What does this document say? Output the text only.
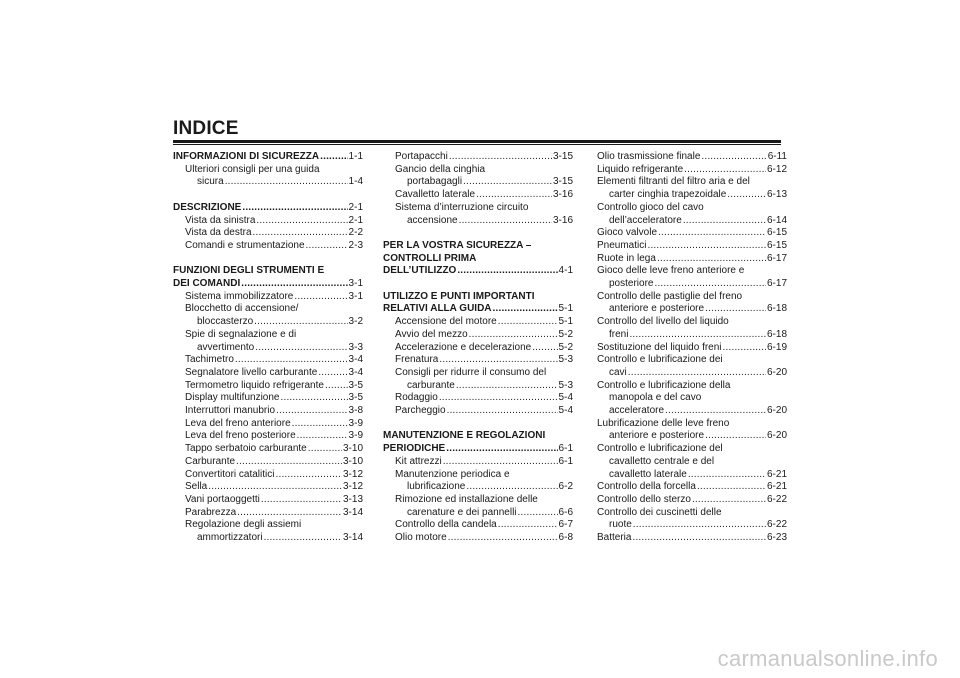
INDICE
INFORMAZIONI DI SICUREZZA .....	1-1
Ulteriori consigli per una guida
sicura .....	1-4
DESCRIZIONE .....	2-1
Vista da sinistra .....	2-1
Vista da destra .....	2-2
Comandi e strumentazione .....	2-3
FUNZIONI DEGLI STRUMENTI E
DEI COMANDI .....	3-1
Sistema immobilizzatore .....	3-1
Blocchetto di accensione/
bloccasterzo .....	3-2
Spie di segnalazione e di
avvertimento .....	3-3
Tachimetro .....	3-4
Segnalatore livello carburante .....	3-4
Termometro liquido refrigerante ..... 3-5
Display multifunzione .....	3-5
Interruttori manubrio .....	3-8
Leva del freno anteriore .....	3-9
Leva del freno posteriore .....	3-9
Tappo serbatoio carburante .....	3-10
Carburante .....	3-10
Convertitori catalitici .....	3-12
Sella .....	3-12
Vani portaoggetti .....	3-13
Parabrezza .....	3-14
Regolazione degli assiemi
ammortizzatori .....	3-14
Portapacchi .....	3-15
Gancio della cinghia
portabagagli .....	3-15
Cavalletto laterale .....	3-16
Sistema d’interruzione circuito
accensione .....	3-16
PER LA VOSTRA SICUREZZA –
CONTROLLI PRIMA
DELL’UTILIZZO .....	4-1
UTILIZZO E PUNTI IMPORTANTI
RELATIVI ALLA GUIDA .....	5-1
Accensione del motore .....	5-1
Avvio del mezzo .....	5-2
Accelerazione e decelerazione .....	5-2
Frenatura .....	5-3
Consigli per ridurre il consumo del
carburante .....	5-3
Rodaggio .....	5-4
Parcheggio .....	5-4
MANUTENZIONE E REGOLAZIONI
PERIODICHE .....	6-1
Kit attrezzi .....	6-1
Manutenzione periodica e
lubrificazione .....	6-2
Rimozione ed installazione delle
carenature e dei pannelli .....	6-6
Controllo della candela .....	6-7
Olio motore .....	6-8
Olio trasmissione finale .....	6-11
Liquido refrigerante .....	6-12
Elementi filtranti del filtro aria e del
carter cinghia trapezoidale .....	6-13
Controllo gioco del cavo
dell’acceleratore .....	6-14
Gioco valvole .....	6-15
Pneumatici .....	6-15
Ruote in lega .....	6-17
Gioco delle leve freno anteriore e
posteriore .....	6-17
Controllo delle pastiglie del freno
anteriore e posteriore .....	6-18
Controllo del livello del liquido
freni .....	6-18
Sostituzione del liquido freni .....	6-19
Controllo e lubrificazione dei
cavi .....	6-20
Controllo e lubrificazione della
manopola e del cavo
acceleratore .....	6-20
Lubrificazione delle leve freno
anteriore e posteriore .....	6-20
Controllo e lubrificazione del
cavalletto centrale e del
cavalletto laterale .....	6-21
Controllo della forcella .....	6-21
Controllo dello sterzo .....	6-22
Controllo dei cuscinetti delle
ruote .....	6-22
Batteria .....	6-23
carmanualsonline.info
